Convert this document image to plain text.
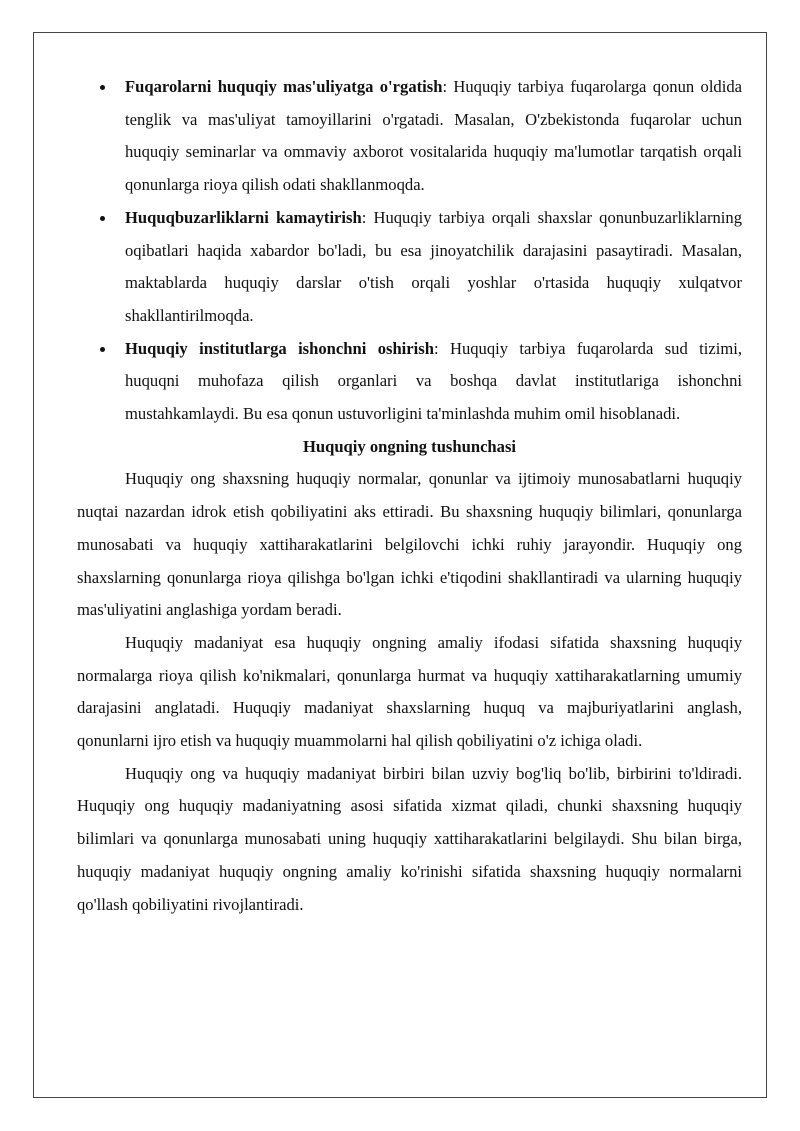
Fuqarolarni huquqiy mas'uliyatga o'rgatish: Huquqiy tarbiya fuqarolarga qonun oldida tenglik va mas'uliyat tamoyillarini o'rgatadi. Masalan, O'zbekistonda fuqarolar uchun huquqiy seminarlar va ommaviy axborot vositalarida huquqiy ma'lumotlar tarqatish orqali qonunlarga rioya qilish odati shakllanmoqda.
Huquqbuzarliklarni kamaytirish: Huquqiy tarbiya orqali shaxslar qonunbuzarliklarning oqibatlari haqida xabardor bo'ladi, bu esa jinoyatchilik darajasini pasaytiradi. Masalan, maktablarda huquqiy darslar o'tish orqali yoshlar o'rtasida huquqiy xulqatvor shakllantirilmoqda.
Huquqiy institutlarga ishonchni oshirish: Huquqiy tarbiya fuqarolarda sud tizimi, huquqni muhofaza qilish organlari va boshqa davlat institutlariga ishonchni mustahkamlaydi. Bu esa qonun ustuvorligini ta'minlashda muhim omil hisoblanadi.

Huquqiy ongning tushunchasi

Huquqiy ong shaxsning huquqiy normalar, qonunlar va ijtimoiy munosabatlarni huquqiy nuqtai nazardan idrok etish qobiliyatini aks ettiradi. Bu shaxsning huquqiy bilimlari, qonunlarga munosabati va huquqiy xattiharakatlarini belgilovchi ichki ruhiy jarayondir. Huquqiy ong shaxslarning qonunlarga rioya qilishga bo'lgan ichki e'tiqodini shakllantiradi va ularning huquqiy mas'uliyatini anglashiga yordam beradi.

Huquqiy madaniyat esa huquqiy ongning amaliy ifodasi sifatida shaxsning huquqiy normalarga rioya qilish ko'nikmalari, qonunlarga hurmat va huquqiy xattiharakatlarning umumiy darajasini anglatadi. Huquqiy madaniyat shaxslarning huquq va majburiyatlarini anglash, qonunlarni ijro etish va huquqiy muammolarni hal qilish qobiliyatini o'z ichiga oladi.

Huquqiy ong va huquqiy madaniyat birbiri bilan uzviy bog'liq bo'lib, birbirini to'ldiradi. Huquqiy ong huquqiy madaniyatning asosi sifatida xizmat qiladi, chunki shaxsning huquqiy bilimlari va qonunlarga munosabati uning huquqiy xattiharakatlarini belgilaydi. Shu bilan birga, huquqiy madaniyat huquqiy ongning amaliy ko'rinishi sifatida shaxsning huquqiy normalarni qo'llash qobiliyatini rivojlantiradi.
